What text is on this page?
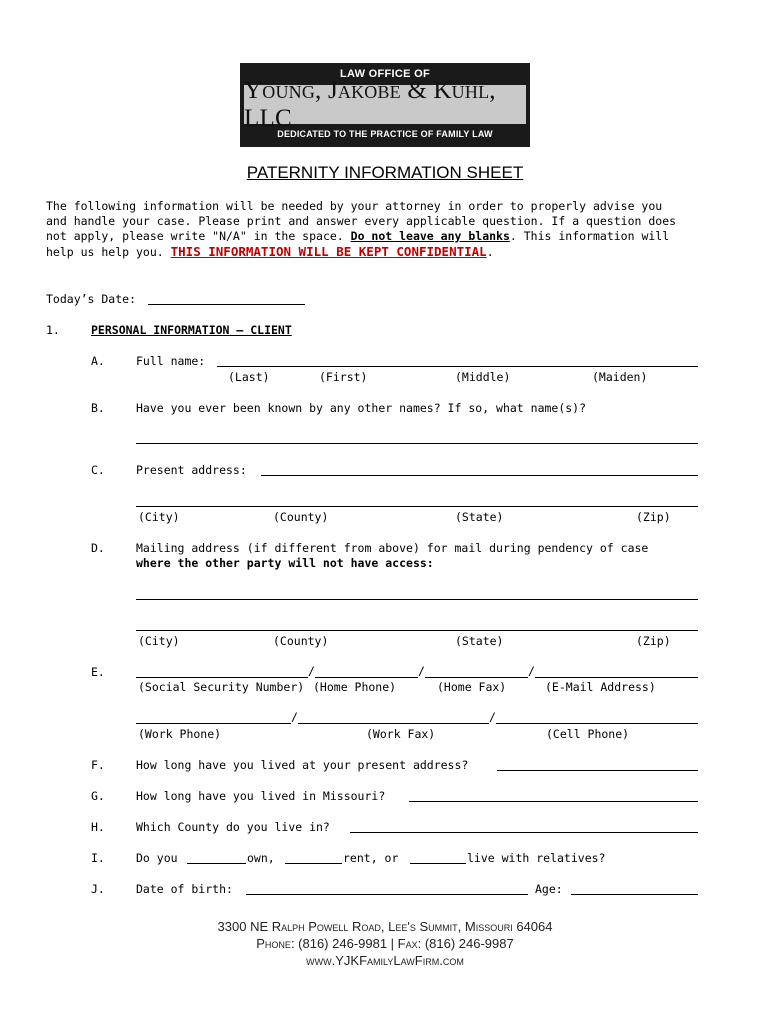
LAW OFFICE OF
Young, Jakobe & Kuhl, LLC
DEDICATED TO THE PRACTICE OF FAMILY LAW
PATERNITY INFORMATION SHEET
The following information will be needed by your attorney in order to properly advise you
and handle your case. Please print and answer every applicable question. If a question does
not apply, please write "N/A" in the space. Do not leave any blanks. This information will
help us help you. THIS INFORMATION WILL BE KEPT CONFIDENTIAL.
Today’s Date:
1.	PERSONAL INFORMATION – CLIENT
A.	Full name:
(Last)	(First)	(Middle)	(Maiden)
B.	Have you ever been known by any other names? If so, what name(s)?
C.	Present address:
(City)	(County)	(State)	(Zip)
D.	Mailing address (if different from above) for mail during pendency of case
where the other party will not have access:
(City)	(County)	(State)	(Zip)
E.	/	/	/
(Social Security Number) (Home Phone)	(Home Fax)	(E-Mail Address)
/	/
(Work Phone)	(Work Fax)	(Cell Phone)
F.	How long have you lived at your present address?
G.	How long have you lived in Missouri?
H.	Which County do you live in?
I.	Do you	own,	rent, or	live with relatives?
J.	Date of birth:	Age:
3300 NE Ralph Powell Road, Lee's Summit, Missouri 64064
Phone: (816) 246-9981 | Fax: (816) 246-9987
www.YJKFamilyLawFirm.com
